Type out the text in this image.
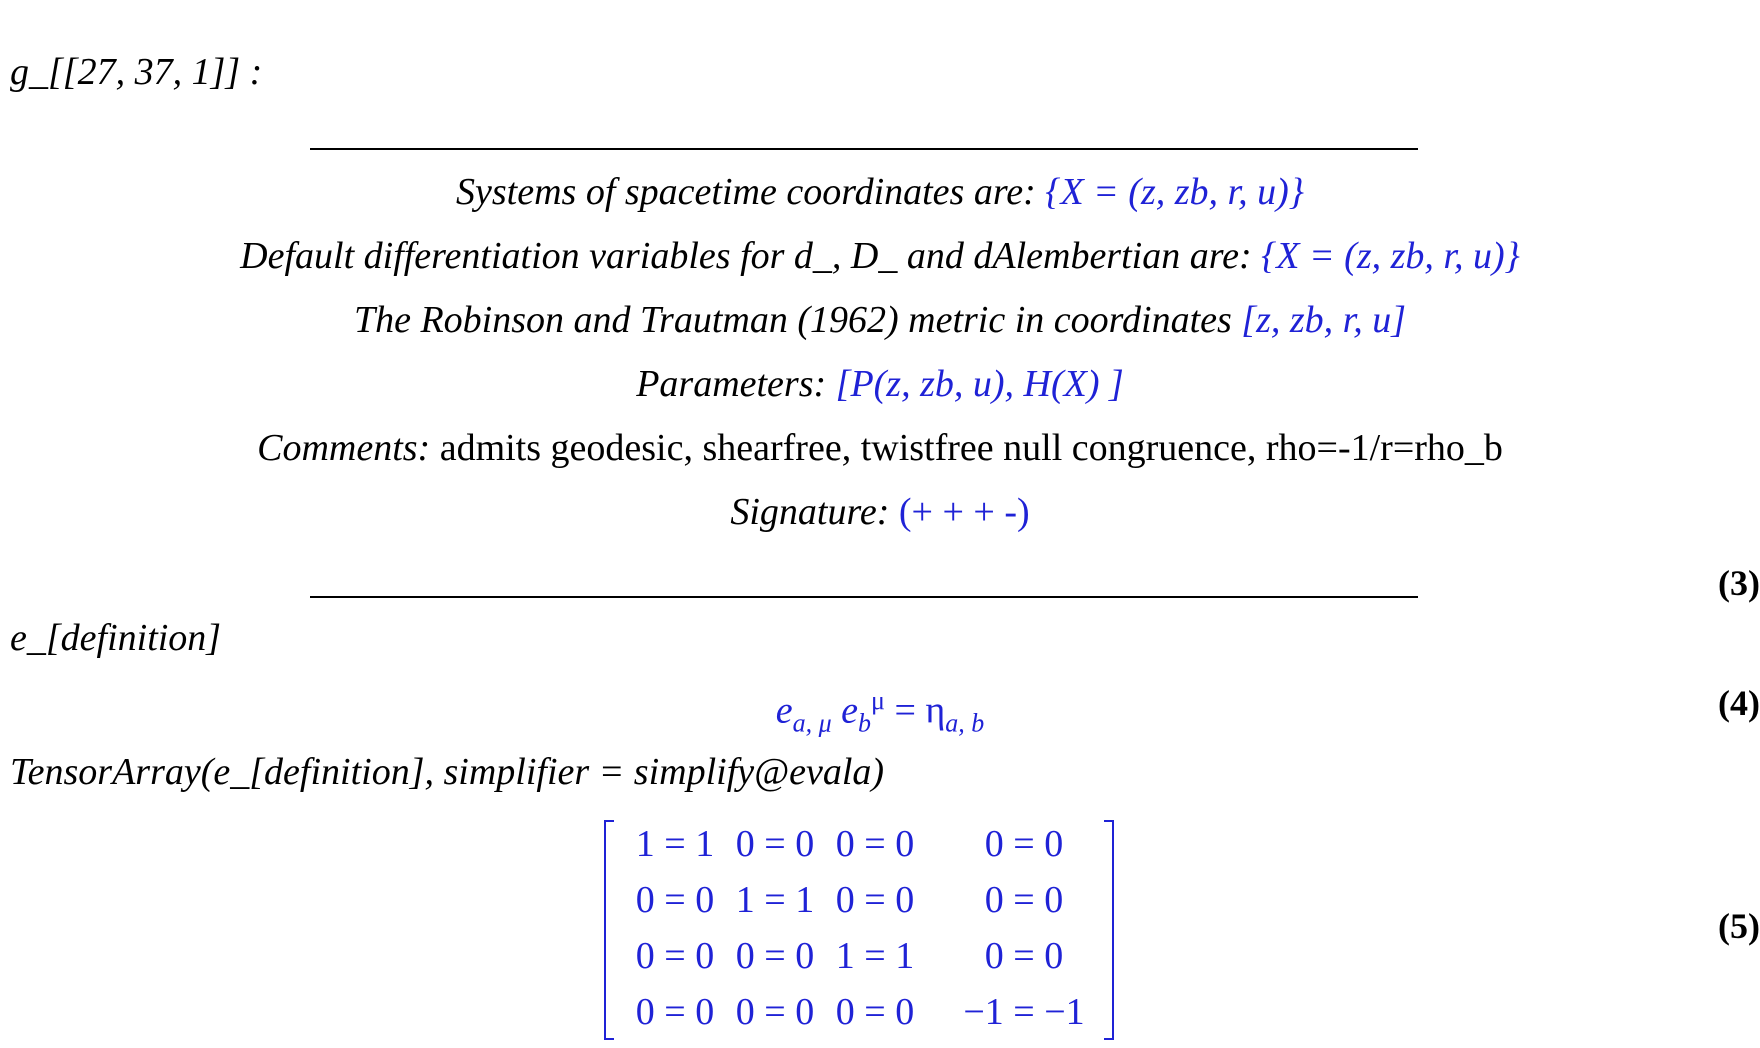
g_[[27, 37, 1]] :
Systems of spacetime coordinates are: {X = (z, zb, r, u)}
Default differentiation variables for d_, D_ and dAlembertian are: {X = (z, zb, r, u)}
The Robinson and Trautman (1962) metric in coordinates [z, zb, r, u]
Parameters: [P(z, zb, u), H(X) ]
Comments: admits geodesic, shearfree, twistfree null congruence, rho=-1/r=rho_b
Signature: (+ + + -)
(3)
e_[definition]
$e_{a, \mu}$ $e_b^\mu = \eta_{a, b}$	(4)
TensorArray(e_[definition], simplifier = simplify@evala)
1 = 1 0 = 0 0 = 0 0 = 0
0 = 0 1 = 1 0 = 0 0 = 0
0 = 0 0 = 0 1 = 1 0 = 0
0 = 0 0 = 0 0 = 0 −1 = −1
(5)
